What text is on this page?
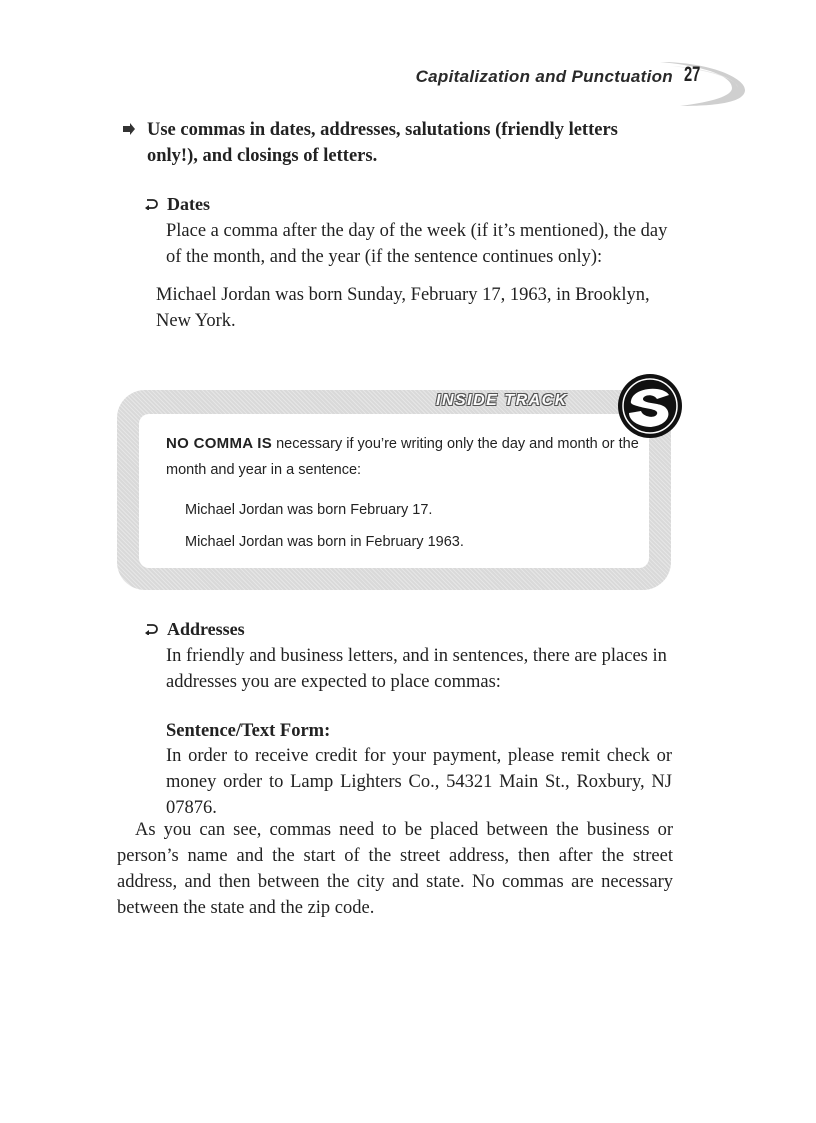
Capitalization and Punctuation 27
Use commas in dates, addresses, salutations (friendly letters only!), and closings of letters.
Dates
Place a comma after the day of the week (if it’s mentioned), the day of the month, and the year (if the sentence continues only):
Michael Jordan was born Sunday, February 17, 1963, in Brooklyn, New York.
INSIDE TRACK
NO COMMA IS necessary if you’re writing only the day and month or the month and year in a sentence:
Michael Jordan was born February 17.
Michael Jordan was born in February 1963.
Addresses
In friendly and business letters, and in sentences, there are places in addresses you are expected to place commas:
Sentence/Text Form:
In order to receive credit for your payment, please remit check or money order to Lamp Lighters Co., 54321 Main St., Roxbury, NJ 07876.
As you can see, commas need to be placed between the business or person’s name and the start of the street address, then after the street address, and then between the city and state. No commas are necessary between the state and the zip code.
